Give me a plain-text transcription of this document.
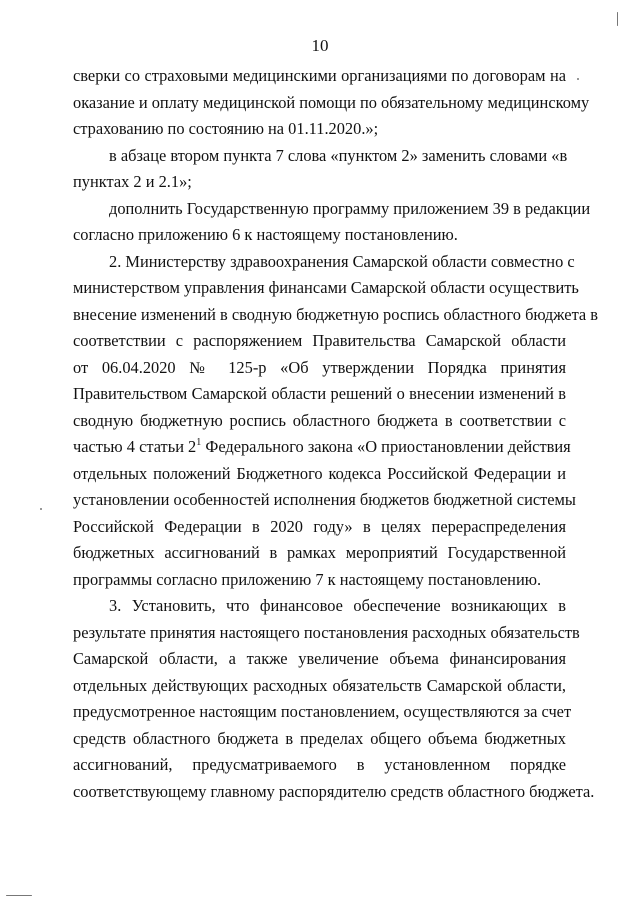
10
сверки со страховыми медицинскими организациями по договорам на
оказание и оплату медицинской помощи по обязательному медицинскому
страхованию по состоянию на 01.11.2020.»;
в абзаце втором пункта 7 слова «пунктом 2» заменить словами «в
пунктах 2 и 2.1»;
дополнить Государственную программу приложением 39 в редакции
согласно приложению 6 к настоящему постановлению.
2. Министерству здравоохранения Самарской области совместно с
министерством управления финансами Самарской области осуществить
внесение изменений в сводную бюджетную роспись областного бюджета в
соответствии с распоряжением Правительства Самарской области
от 06.04.2020 № 125-р «Об утверждении Порядка принятия
Правительством Самарской области решений о внесении изменений в
сводную бюджетную роспись областного бюджета в соответствии с
частью 4 статьи $2^1$ Федерального закона «О приостановлении действия
отдельных положений Бюджетного кодекса Российской Федерации и
установлении особенностей исполнения бюджетов бюджетной системы
Российской Федерации в 2020 году» в целях перераспределения
бюджетных ассигнований в рамках мероприятий Государственной
программы согласно приложению 7 к настоящему постановлению.
3. Установить, что финансовое обеспечение возникающих в
результате принятия настоящего постановления расходных обязательств
Самарской области, а также увеличение объема финансирования
отдельных действующих расходных обязательств Самарской области,
предусмотренное настоящим постановлением, осуществляются за счет
средств областного бюджета в пределах общего объема бюджетных
ассигнований, предусматриваемого в установленном порядке
соответствующему главному распорядителю средств областного бюджета.
